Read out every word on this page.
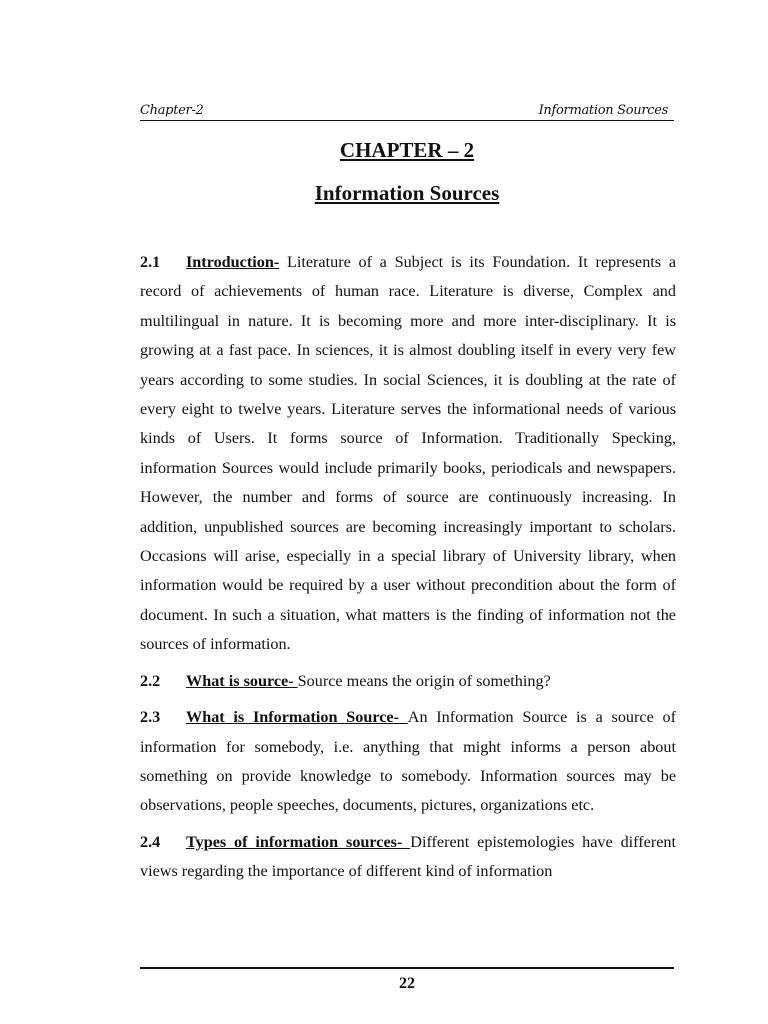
Chapter-2	Information Sources
CHAPTER – 2
Information Sources

2.1 Introduction- Literature of a Subject is its Foundation. It represents a record of achievements of human race. Literature is diverse, Complex and multilingual in nature. It is becoming more and more inter-disciplinary. It is growing at a fast pace. In sciences, it is almost doubling itself in every very few years according to some studies. In social Sciences, it is doubling at the rate of every eight to twelve years. Literature serves the informational needs of various kinds of Users. It forms source of Information. Traditionally Specking, information Sources would include primarily books, periodicals and newspapers. However, the number and forms of source are continuously increasing. In addition, unpublished sources are becoming increasingly important to scholars. Occasions will arise, especially in a special library of University library, when information would be required by a user without precondition about the form of document. In such a situation, what matters is the finding of information not the sources of information.

2.2 What is source- Source means the origin of something?

2.3 What is Information Source- An Information Source is a source of information for somebody, i.e. anything that might informs a person about something on provide knowledge to somebody. Information sources may be observations, people speeches, documents, pictures, organizations etc.

2.4 Types of information sources- Different epistemologies have different views regarding the importance of different kind of information

22
